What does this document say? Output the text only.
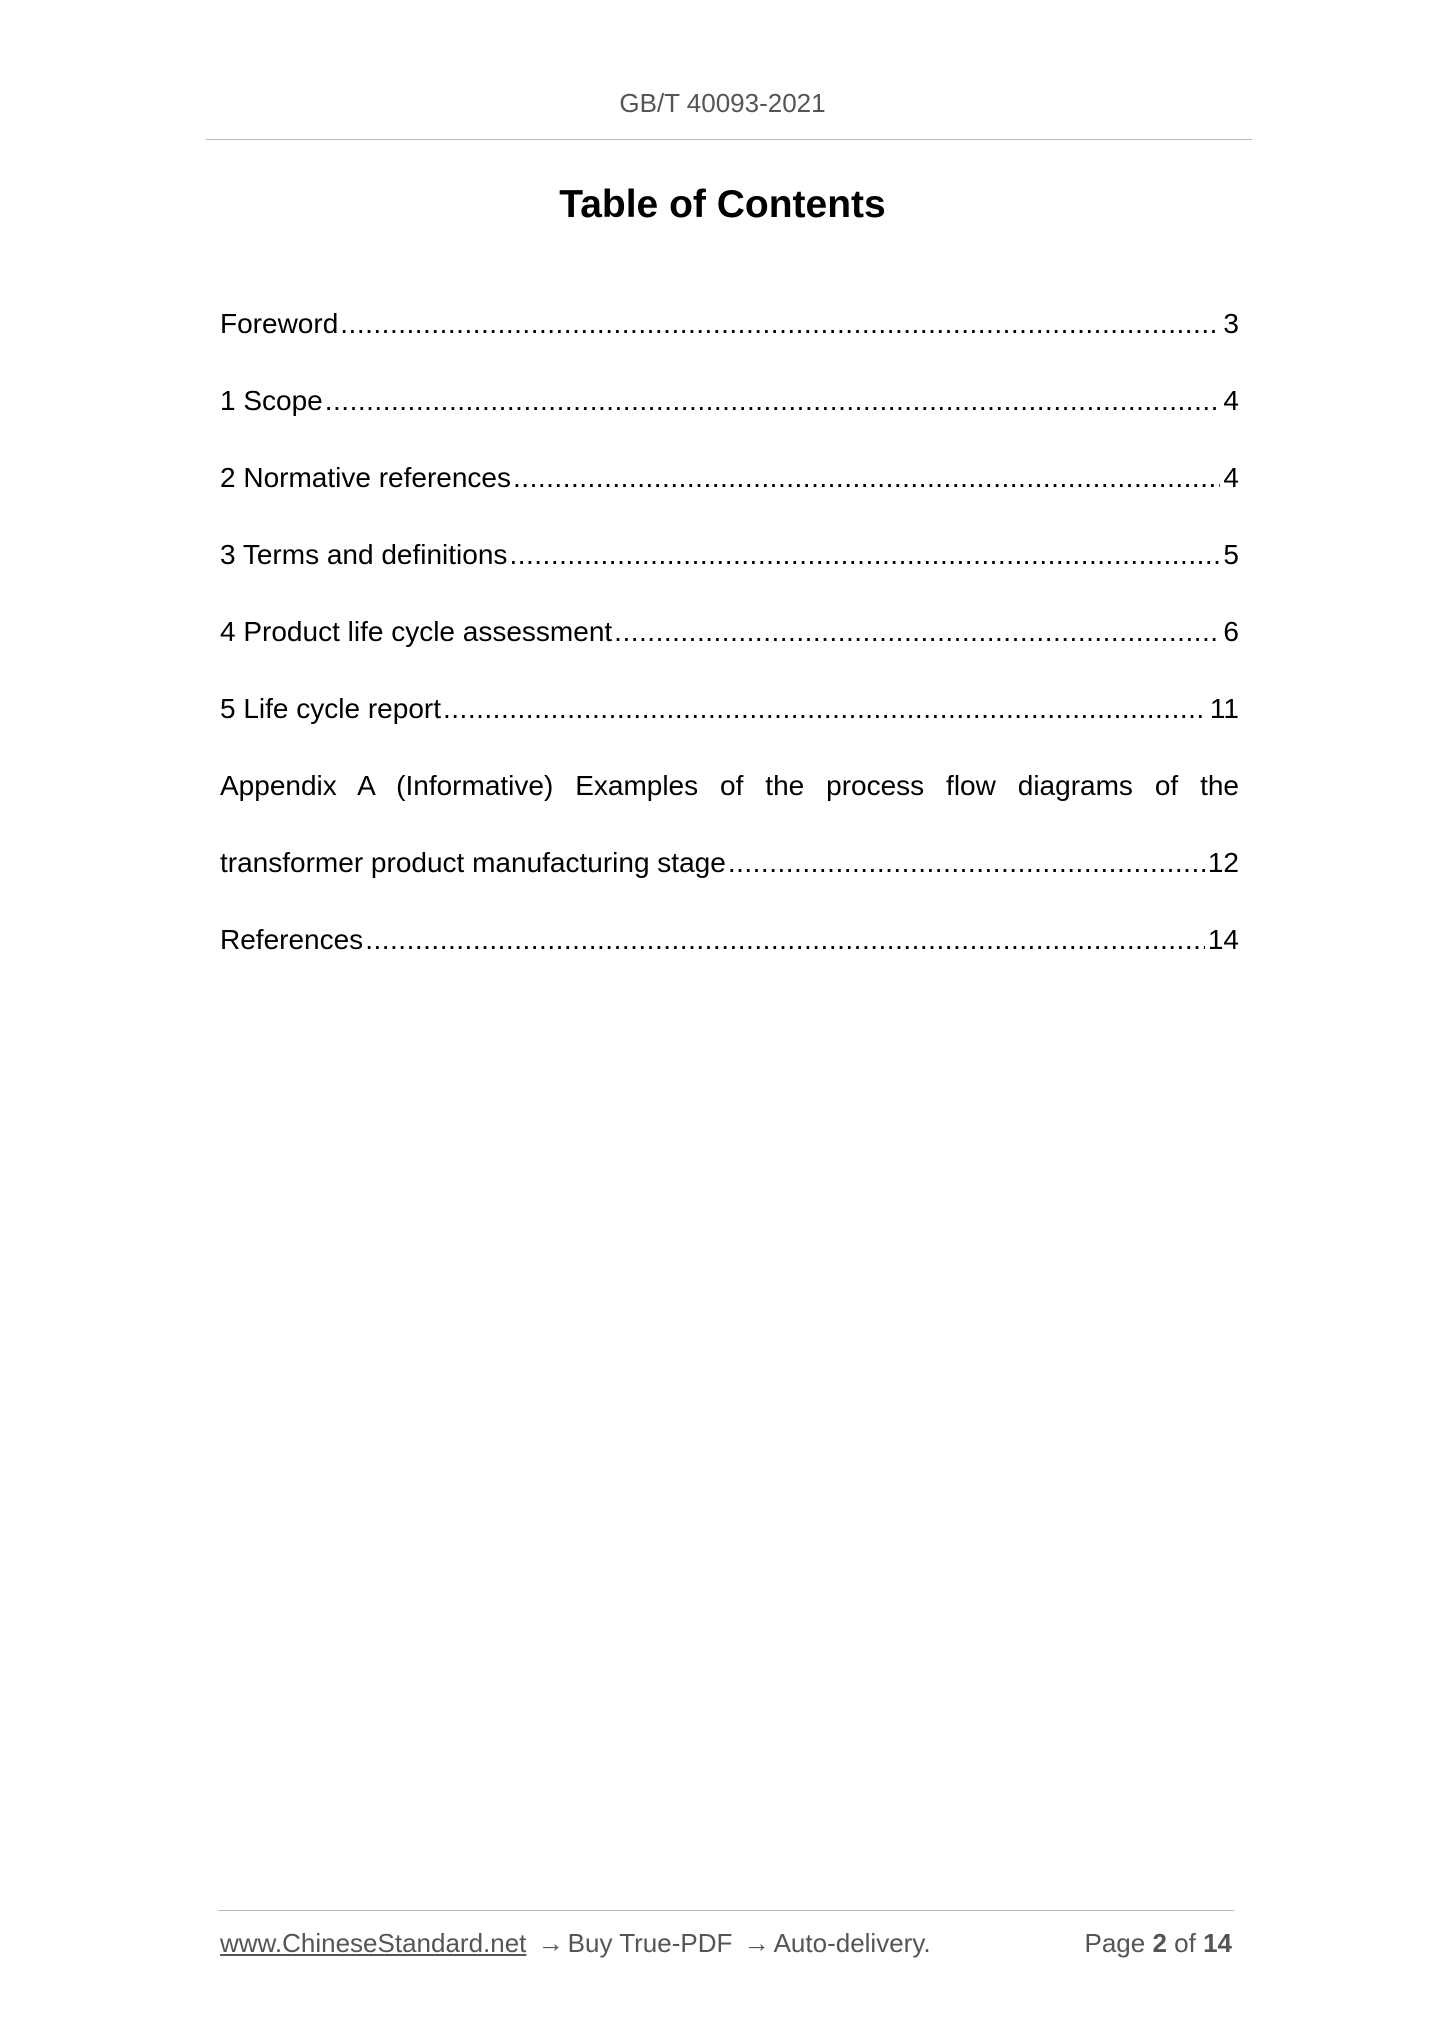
GB/T 40093-2021
Table of Contents
Foreword .....	3
1 Scope .....	4
2 Normative references .....	4
3 Terms and definitions .....	5
4 Product life cycle assessment .....	6
5 Life cycle report .....	11
Appendix A (Informative) Examples of the process flow diagrams of the
transformer product manufacturing stage .....	12
References .....	14
www.ChineseStandard.net → Buy True-PDF → Auto-delivery.	Page 2 of 14
